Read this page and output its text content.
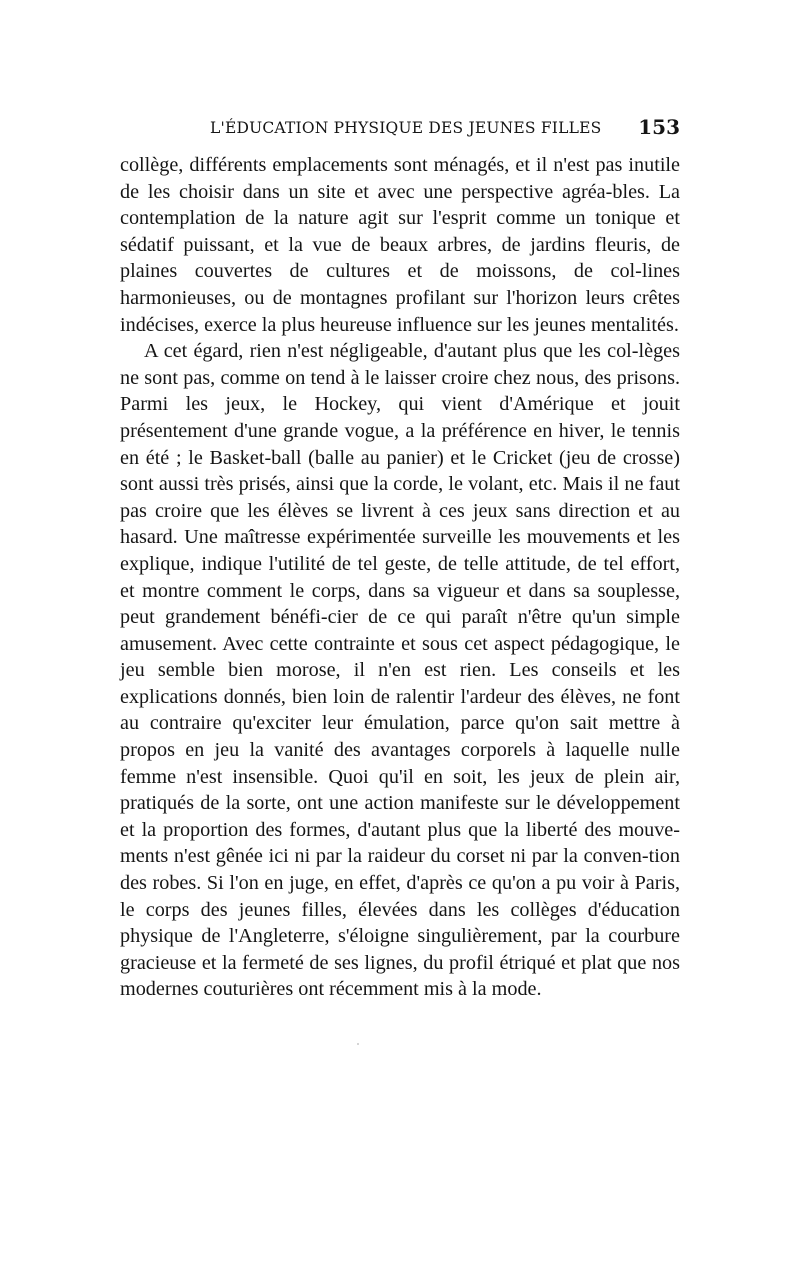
L'ÉDUCATION PHYSIQUE DES JEUNES FILLES 153

collège, différents emplacements sont ménagés, et il n'est pas inutile de les choisir dans un site et avec une perspective agréa-bles. La contemplation de la nature agit sur l'esprit comme un tonique et sédatif puissant, et la vue de beaux arbres, de jardins fleuris, de plaines couvertes de cultures et de moissons, de col-lines harmonieuses, ou de montagnes profilant sur l'horizon leurs crêtes indécises, exerce la plus heureuse influence sur les jeunes mentalités.

A cet égard, rien n'est négligeable, d'autant plus que les col-lèges ne sont pas, comme on tend à le laisser croire chez nous, des prisons. Parmi les jeux, le Hockey, qui vient d'Amérique et jouit présentement d'une grande vogue, a la préférence en hiver, le tennis en été ; le Basket-ball (balle au panier) et le Cricket (jeu de crosse) sont aussi très prisés, ainsi que la corde, le volant, etc. Mais il ne faut pas croire que les élèves se livrent à ces jeux sans direction et au hasard. Une maîtresse expérimentée surveille les mouvements et les explique, indique l'utilité de tel geste, de telle attitude, de tel effort, et montre comment le corps, dans sa vigueur et dans sa souplesse, peut grandement bénéfi-cier de ce qui paraît n'être qu'un simple amusement. Avec cette contrainte et sous cet aspect pédagogique, le jeu semble bien morose, il n'en est rien. Les conseils et les explications donnés, bien loin de ralentir l'ardeur des élèves, ne font au contraire qu'exciter leur émulation, parce qu'on sait mettre à propos en jeu la vanité des avantages corporels à laquelle nulle femme n'est insensible. Quoi qu'il en soit, les jeux de plein air, pratiqués de la sorte, ont une action manifeste sur le développement et la proportion des formes, d'autant plus que la liberté des mouve-ments n'est gênée ici ni par la raideur du corset ni par la conven-tion des robes. Si l'on en juge, en effet, d'après ce qu'on a pu voir à Paris, le corps des jeunes filles, élevées dans les collèges d'éducation physique de l'Angleterre, s'éloigne singulièrement, par la courbure gracieuse et la fermeté de ses lignes, du profil étriqué et plat que nos modernes couturières ont récemment mis à la mode.
